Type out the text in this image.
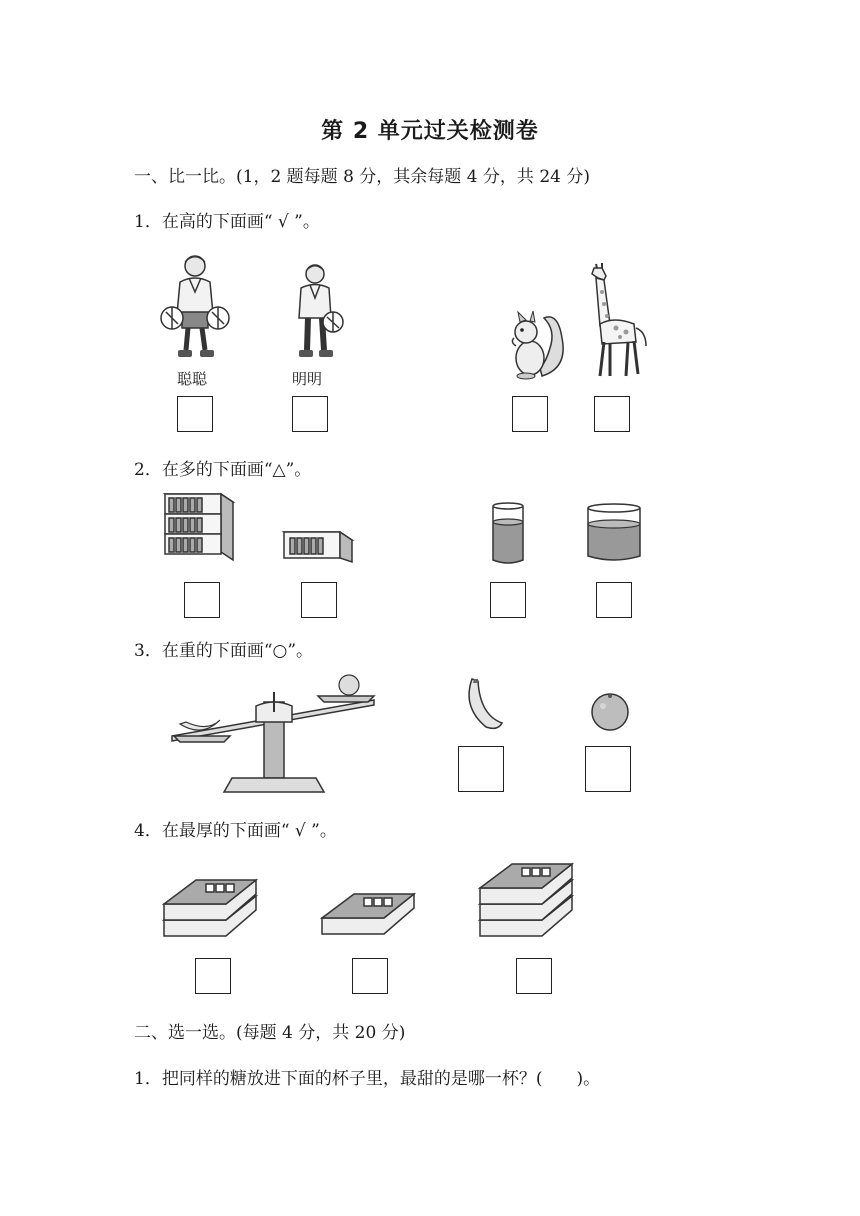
第 2 单元过关检测卷
一、比一比。(1，2 题每题 8 分，其余每题 4 分，共 24 分)
1．在高的下面画“ √ ”。
聪聪	明明
2．在多的下面画“△”。
3．在重的下面画“○”。
4．在最厚的下面画“ √ ”。
二、选一选。(每题 4 分，共 20 分)
1．把同样的糖放进下面的杯子里，最甜的是哪一杯？(　　)。
